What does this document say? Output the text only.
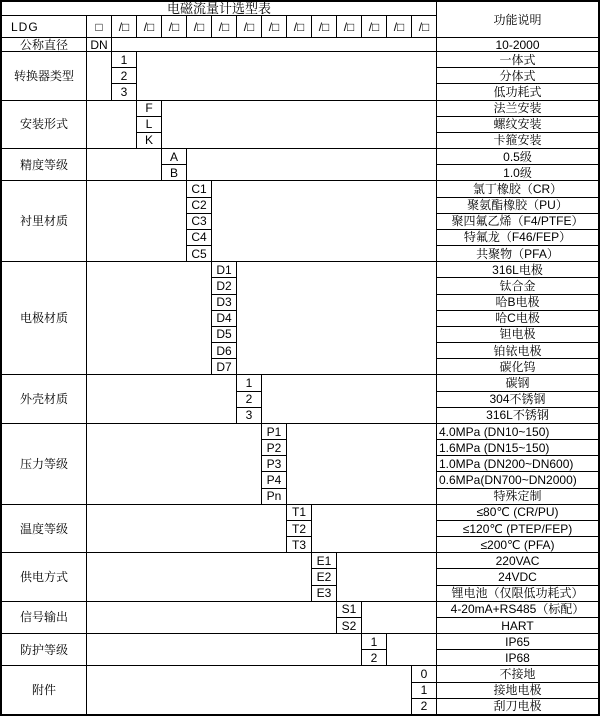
电磁流量计选型表
功能说明
LDG	□	/□	/□	/□	/□	/□	/□	/□	/□	/□	/□	/□	/□	/□
公称直径	DN	10-2000
转换器类型
1	一体式
2	分体式
3	低功耗式
安装形式
F	法兰安装
L	螺纹安装
K	卡箍安装
精度等级
A	0.5级
B	1.0级
衬里材质
C1	氯丁橡胶（CR）
C2	聚氨酯橡胶（PU）
C3	聚四氟乙烯（F4/PTFE）
C4	特氟龙（F46/FEP）
C5	共聚物（PFA）
电极材质
D1	316L电极
D2	钛合金
D3	哈B电极
D4	哈C电极
D5	钽电极
D6	铂铱电极
D7	碳化钨
外壳材质
1	碳钢
2	304不锈钢
3	316L不锈钢
压力等级
P1	4.0MPa (DN10~150)
P2	1.6MPa (DN15~150)
P3	1.0MPa (DN200~DN600)
P4	0.6MPa(DN700~DN2000)
Pn	特殊定制
温度等级
T1	≤80℃ (CR/PU)
T2	≤120℃ (PTEP/FEP)
T3	≤200℃ (PFA)
供电方式
E1	220VAC
E2	24VDC
E3	锂电池（仅限低功耗式）
信号输出
S1	4-20mA+RS485（标配）
S2	HART
防护等级
1	IP65
2	IP68
附件
0	不接地
1	接地电极
2	刮刀电极
